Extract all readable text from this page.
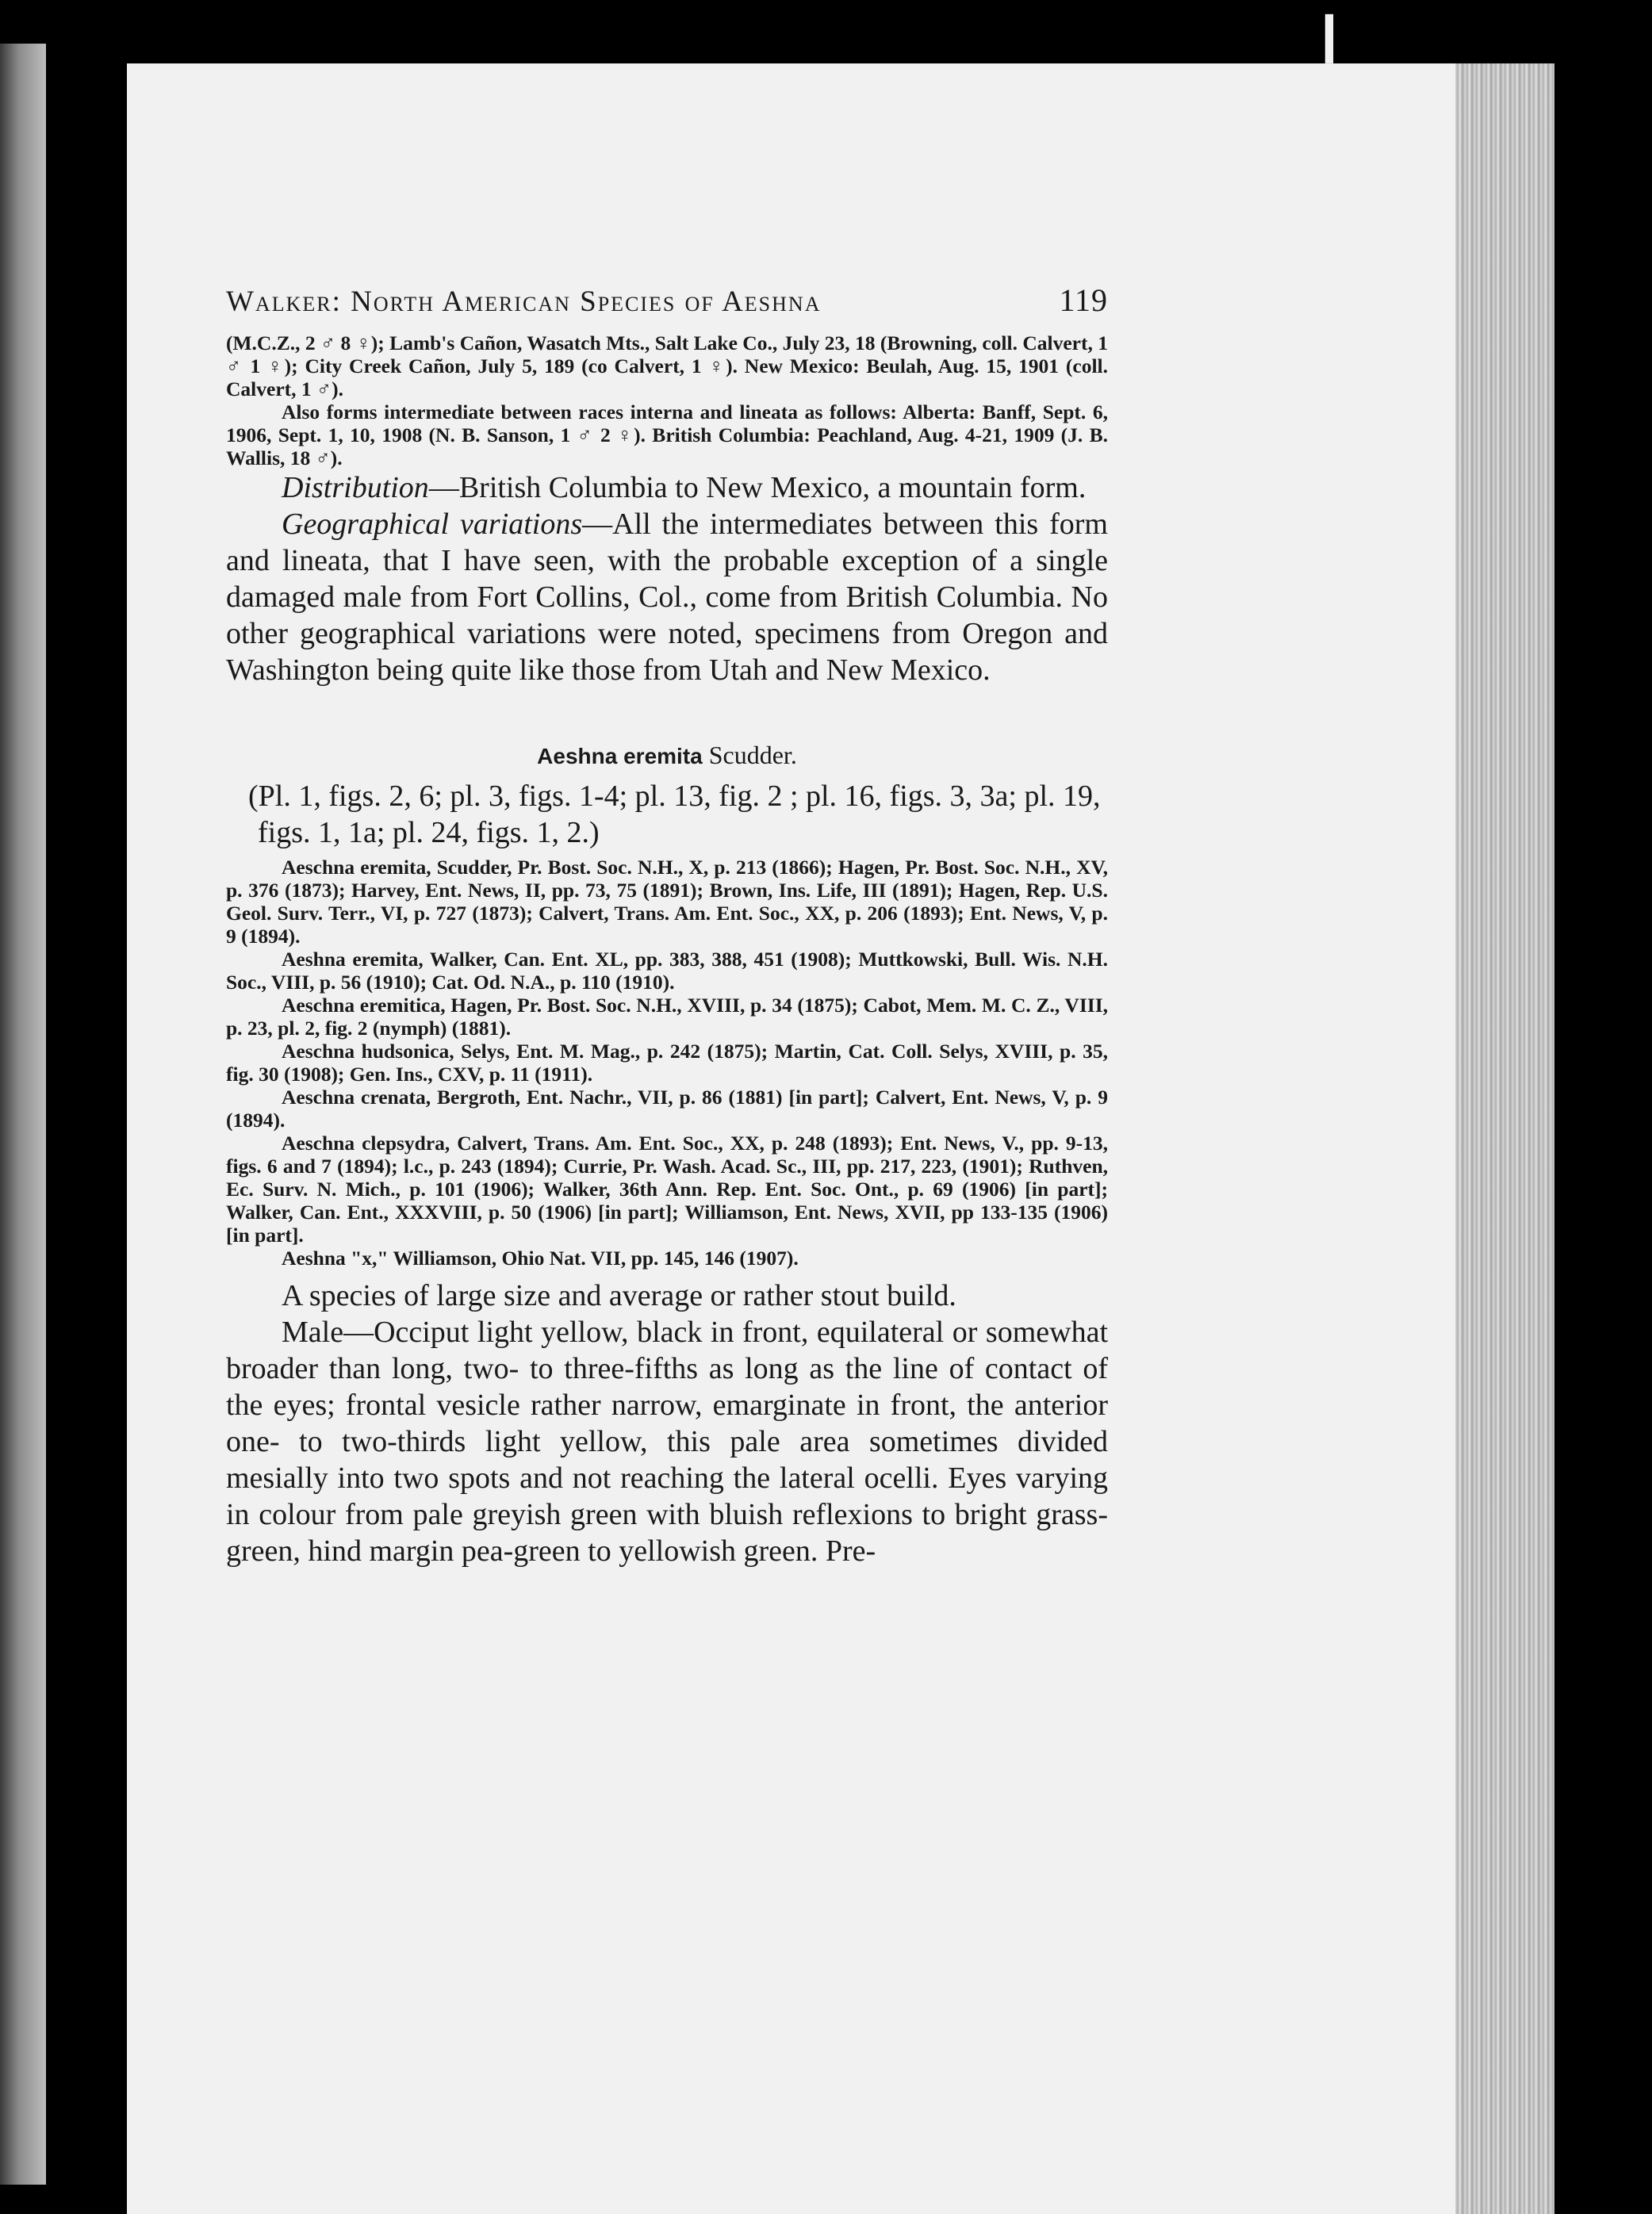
❙
Walker: North American Species of Aeshna	119

(M.C.Z., 2 ♂ 8 ♀); Lamb's Cañon, Wasatch Mts., Salt Lake Co., July 23, 18 (Browning, coll. Calvert, 1 ♂ 1 ♀); City Creek Cañon, July 5, 189 (co Calvert, 1 ♀). New Mexico: Beulah, Aug. 15, 1901 (coll. Calvert, 1 ♂).

Also forms intermediate between races interna and lineata as follows: Alberta: Banff, Sept. 6, 1906, Sept. 1, 10, 1908 (N. B. Sanson, 1 ♂ 2 ♀). British Columbia: Peachland, Aug. 4-21, 1909 (J. B. Wallis, 18 ♂).

Distribution—British Columbia to New Mexico, a mountain form.

Geographical variations—All the intermediates between this form and lineata, that I have seen, with the probable exception of a single damaged male from Fort Collins, Col., come from British Columbia. No other geographical variations were noted, specimens from Oregon and Washington being quite like those from Utah and New Mexico.

Aeshna eremita Scudder.

(Pl. 1, figs. 2, 6; pl. 3, figs. 1-4; pl. 13, fig. 2 ; pl. 16, figs. 3, 3a; pl. 19, figs. 1, 1a; pl. 24, figs. 1, 2.)

Aeschna eremita, Scudder, Pr. Bost. Soc. N.H., X, p. 213 (1866); Hagen, Pr. Bost. Soc. N.H., XV, p. 376 (1873); Harvey, Ent. News, II, pp. 73, 75 (1891); Brown, Ins. Life, III (1891); Hagen, Rep. U.S. Geol. Surv. Terr., VI, p. 727 (1873); Calvert, Trans. Am. Ent. Soc., XX, p. 206 (1893); Ent. News, V, p. 9 (1894).

Aeshna eremita, Walker, Can. Ent. XL, pp. 383, 388, 451 (1908); Muttkowski, Bull. Wis. N.H. Soc., VIII, p. 56 (1910); Cat. Od. N.A., p. 110 (1910).

Aeschna eremitica, Hagen, Pr. Bost. Soc. N.H., XVIII, p. 34 (1875); Cabot, Mem. M. C. Z., VIII, p. 23, pl. 2, fig. 2 (nymph) (1881).

Aeschna hudsonica, Selys, Ent. M. Mag., p. 242 (1875); Martin, Cat. Coll. Selys, XVIII, p. 35, fig. 30 (1908); Gen. Ins., CXV, p. 11 (1911).

Aeschna crenata, Bergroth, Ent. Nachr., VII, p. 86 (1881) [in part]; Calvert, Ent. News, V, p. 9 (1894).

Aeschna clepsydra, Calvert, Trans. Am. Ent. Soc., XX, p. 248 (1893); Ent. News, V., pp. 9-13, figs. 6 and 7 (1894); l.c., p. 243 (1894); Currie, Pr. Wash. Acad. Sc., III, pp. 217, 223, (1901); Ruthven, Ec. Surv. N. Mich., p. 101 (1906); Walker, 36th Ann. Rep. Ent. Soc. Ont., p. 69 (1906) [in part]; Walker, Can. Ent., XXXVIII, p. 50 (1906) [in part]; Williamson, Ent. News, XVII, pp 133-135 (1906) [in part].

Aeshna "x," Williamson, Ohio Nat. VII, pp. 145, 146 (1907).

A species of large size and average or rather stout build.

Male—Occiput light yellow, black in front, equilateral or somewhat broader than long, two- to three-fifths as long as the line of contact of the eyes; frontal vesicle rather narrow, emarginate in front, the anterior one- to two-thirds light yellow, this pale area sometimes divided mesially into two spots and not reaching the lateral ocelli. Eyes varying in colour from pale greyish green with bluish reflexions to bright grass-green, hind margin pea-green to yellowish green. Pre-
